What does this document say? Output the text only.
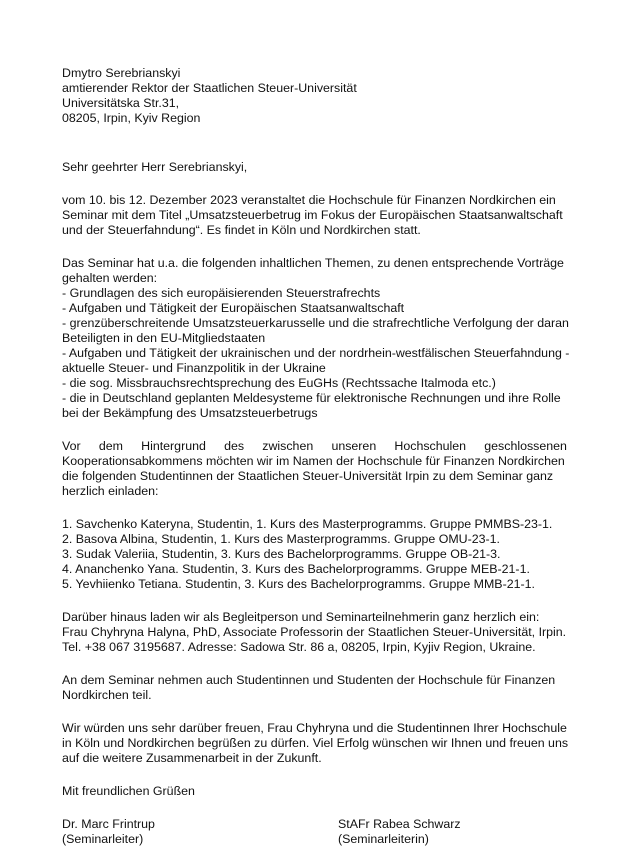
Dmytro Serebrianskyi
amtierender Rektor der Staatlichen Steuer-Universität
Universitätska Str.31,
08205, Irpin, Kyiv Region
Sehr geehrter Herr Serebrianskyi,
vom 10. bis 12. Dezember 2023 veranstaltet die Hochschule für Finanzen Nordkirchen ein
Seminar mit dem Titel „Umsatzsteuerbetrug im Fokus der Europäischen Staatsanwaltschaft
und der Steuerfahndung“. Es findet in Köln und Nordkirchen statt.
Das Seminar hat u.a. die folgenden inhaltlichen Themen, zu denen entsprechende Vorträge
gehalten werden:
- Grundlagen des sich europäisierenden Steuerstrafrechts
- Aufgaben und Tätigkeit der Europäischen Staatsanwaltschaft
- grenzüberschreitende Umsatzsteuerkarusselle und die strafrechtliche Verfolgung der daran
Beteiligten in den EU-Mitgliedstaaten
- Aufgaben und Tätigkeit der ukrainischen und der nordrhein-westfälischen Steuerfahndung -
aktuelle Steuer- und Finanzpolitik in der Ukraine
- die sog. Missbrauchsrechtsprechung des EuGHs (Rechtssache Italmoda etc.)
- die in Deutschland geplanten Meldesysteme für elektronische Rechnungen und ihre Rolle
bei der Bekämpfung des Umsatzsteuerbetrugs
Vor dem Hintergrund des zwischen unseren Hochschulen geschlossenen
Kooperationsabkommens möchten wir im Namen der Hochschule für Finanzen Nordkirchen
die folgenden Studentinnen der Staatlichen Steuer-Universität Irpin zu dem Seminar ganz
herzlich einladen:
1. Savchenko Kateryna, Studentin, 1. Kurs des Masterprogramms. Gruppe PMMBS-23-1.
2. Basova Albina, Studentin, 1. Kurs des Masterprogramms. Gruppe OMU-23-1.
3. Sudak Valeriia, Studentin, 3. Kurs des Bachelorprogramms. Gruppe OB-21-3.
4. Ananchenko Yana. Studentin, 3. Kurs des Bachelorprogramms. Gruppe MEB-21-1.
5. Yevhiienko Tetiana. Studentin, 3. Kurs des Bachelorprogramms. Gruppe MMB-21-1.
Darüber hinaus laden wir als Begleitperson und Seminarteilnehmerin ganz herzlich ein:
Frau Chyhryna Halyna, PhD, Associate Professorin der Staatlichen Steuer-Universität, Irpin.
Tel. +38 067 3195687. Adresse: Sadowa Str. 86 a, 08205, Irpin, Kyjiv Region, Ukraine.
An dem Seminar nehmen auch Studentinnen und Studenten der Hochschule für Finanzen
Nordkirchen teil.
Wir würden uns sehr darüber freuen, Frau Chyhryna und die Studentinnen Ihrer Hochschule
in Köln und Nordkirchen begrüßen zu dürfen. Viel Erfolg wünschen wir Ihnen und freuen uns
auf die weitere Zusammenarbeit in der Zukunft.
Mit freundlichen Grüßen
Dr. Marc Frintrup
(Seminarleiter)
StAFr Rabea Schwarz
(Seminarleiterin)
